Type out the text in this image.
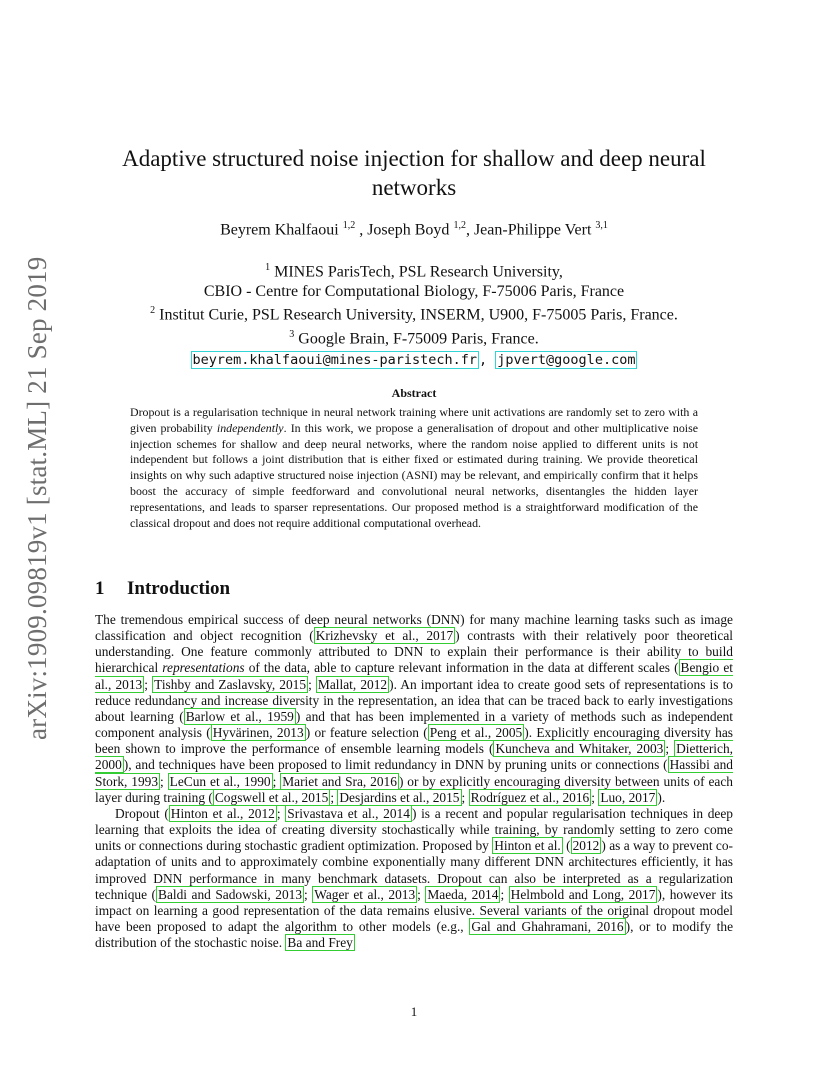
arXiv:1909.09819v1 [stat.ML] 21 Sep 2019
Adaptive structured noise injection for shallow and deep neural networks
Beyrem Khalfaoui $^{1,2}$ , Joseph Boyd $^{1,2}$, Jean-Philippe Vert $^{3,1}$
$^1$ MINES ParisTech, PSL Research University,
CBIO - Centre for Computational Biology, F-75006 Paris, France
$^2$ Institut Curie, PSL Research University, INSERM, U900, F-75005 Paris, France.
$^3$ Google Brain, F-75009 Paris, France.
beyrem.khalfaoui@mines-paristech.fr , jpvert@google.com
Abstract
Dropout is a regularisation technique in neural network training where unit activations are randomly set to zero with a given probability independently. In this work, we propose a generalisation of dropout and other multiplicative noise injection schemes for shallow and deep neural networks, where the random noise applied to different units is not independent but follows a joint distribution that is either fixed or estimated during training. We provide theoretical insights on why such adaptive structured noise injection (ASNI) may be relevant, and empirically confirm that it helps boost the accuracy of simple feedforward and convolutional neural networks, disentangles the hidden layer representations, and leads to sparser representations. Our proposed method is a straightforward modification of the classical dropout and does not require additional computational overhead.
1 Introduction

The tremendous empirical success of deep neural networks (DNN) for many machine learning tasks such as image classification and object recognition ( Krizhevsky et al., 2017 ) contrasts with their relatively poor theoretical understanding. One feature commonly attributed to DNN to explain their performance is their ability to build hierarchical representations of the data, able to capture relevant information in the data at different scales ( Bengio et al., 2013 ; Tishby and Zaslavsky, 2015 ; Mallat, 2012 ). An important idea to create good sets of representations is to reduce redundancy and increase diversity in the representation, an idea that can be traced back to early investigations about learning ( Barlow et al., 1959 ) and that has been implemented in a variety of methods such as independent component analysis ( Hyvärinen, 2013 ) or feature selection ( Peng et al., 2005 ). Explicitly encouraging diversity has been shown to improve the performance of ensemble learning models ( Kuncheva and Whitaker, 2003 ; Dietterich, 2000 ), and techniques have been proposed to limit redundancy in DNN by pruning units or connections ( Hassibi and Stork, 1993 ; LeCun et al., 1990 ; Mariet and Sra, 2016 ) or by explicitly encouraging diversity between units of each layer during training ( Cogswell et al., 2015 ; Desjardins et al., 2015 ; Rodríguez et al., 2016 ; Luo, 2017 ).

Dropout ( Hinton et al., 2012 ; Srivastava et al., 2014 ) is a recent and popular regularisation techniques in deep learning that exploits the idea of creating diversity stochastically while training, by randomly setting to zero come units or connections during stochastic gradient optimization. Proposed by Hinton et al. ( 2012 ) as a way to prevent co-adaptation of units and to approximately combine exponentially many different DNN architectures efficiently, it has improved DNN performance in many benchmark datasets. Dropout can also be interpreted as a regularization technique ( Baldi and Sadowski, 2013 ; Wager et al., 2013 ; Maeda, 2014 ; Helmbold and Long, 2017 ), however its impact on learning a good representation of the data remains elusive. Several variants of the original dropout model have been proposed to adapt the algorithm to other models (e.g., Gal and Ghahramani, 2016 ), or to modify the distribution of the stochastic noise. Ba and Frey

1
